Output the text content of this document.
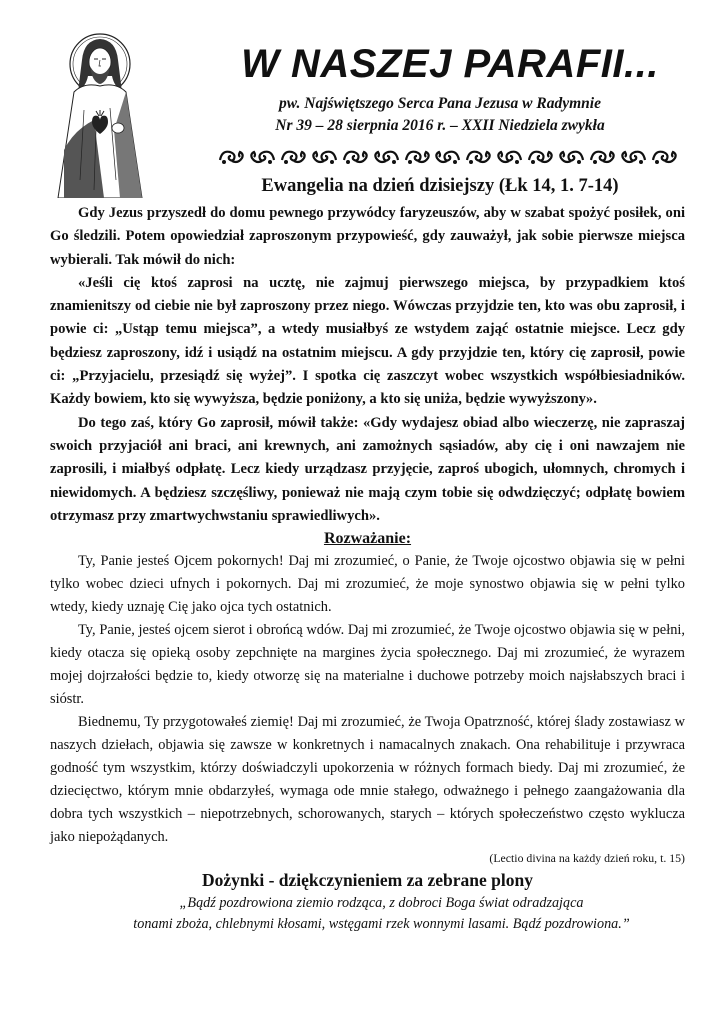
W NASZEJ PARAFII...
pw. Najświętszego Serca Pana Jezusa w Radymnie
Nr 39 – 28 sierpnia 2016 r. – XXII Niedziela zwykła
Ewangelia na dzień dzisiejszy (Łk 14, 1. 7-14)

Gdy Jezus przyszedł do domu pewnego przywódcy faryzeuszów, aby w szabat spożyć posiłek, oni Go śledzili. Potem opowiedział zaproszonym przypowieść, gdy zauważył, jak sobie pierwsze miejsca wybierali. Tak mówił do nich:

«Jeśli cię ktoś zaprosi na ucztę, nie zajmuj pierwszego miejsca, by przypadkiem ktoś znamienitszy od ciebie nie był zaproszony przez niego. Wówczas przyjdzie ten, kto was obu zaprosił, i powie ci: „Ustąp temu miejsca”, a wtedy musiałbyś ze wstydem zająć ostatnie miejsce. Lecz gdy będziesz zaproszony, idź i usiądź na ostatnim miejscu. A gdy przyjdzie ten, który cię zaprosił, powie ci: „Przyjacielu, przesiądź się wyżej”. I spotka cię zaszczyt wobec wszystkich współbiesiadników. Każdy bowiem, kto się wywyższa, będzie poniżony, a kto się uniża, będzie wywyższony».

Do tego zaś, który Go zaprosił, mówił także: «Gdy wydajesz obiad albo wieczerzę, nie zapraszaj swoich przyjaciół ani braci, ani krewnych, ani zamożnych sąsiadów, aby cię i oni nawzajem nie zaprosili, i miałbyś odpłatę. Lecz kiedy urządzasz przyjęcie, zaproś ubogich, ułomnych, chromych i niewidomych. A będziesz szczęśliwy, ponieważ nie mają czym tobie się odwdzięczyć; odpłatę bowiem otrzymasz przy zmartwychwstaniu sprawiedliwych».

Rozważanie:

Ty, Panie jesteś Ojcem pokornych! Daj mi zrozumieć, o Panie, że Twoje ojcostwo objawia się w pełni tylko wobec dzieci ufnych i pokornych. Daj mi zrozumieć, że moje synostwo objawia się w pełni tylko wtedy, kiedy uznaję Cię jako ojca tych ostatnich.

Ty, Panie, jesteś ojcem sierot i obrońcą wdów. Daj mi zrozumieć, że Twoje ojcostwo objawia się w pełni, kiedy otacza się opieką osoby zepchnięte na margines życia społecznego. Daj mi zrozumieć, że wyrazem mojej dojrzałości będzie to, kiedy otworzę się na materialne i duchowe potrzeby moich najsłabszych braci i sióstr.

Biednemu, Ty przygotowałeś ziemię! Daj mi zrozumieć, że Twoja Opatrzność, której ślady zostawiasz w naszych dziełach, objawia się zawsze w konkretnych i namacalnych znakach. Ona rehabilituje i przywraca godność tym wszystkim, którzy doświadczyli upokorzenia w różnych formach biedy. Daj mi zrozumieć, że dziecięctwo, którym mnie obdarzyłeś, wymaga ode mnie stałego, odważnego i pełnego zaangażowania dla dobra tych wszystkich – niepotrzebnych, schorowanych, starych – których społeczeństwo często wyklucza jako niepożądanych.

(Lectio divina na każdy dzień roku, t. 15)

Dożynki - dziękczynieniem za zebrane plony

„Bądź pozdrowiona ziemio rodząca, z dobroci Boga świat odradzająca

tonami zboża, chlebnymi kłosami, wstęgami rzek wonnymi lasami. Bądź pozdrowiona.”
